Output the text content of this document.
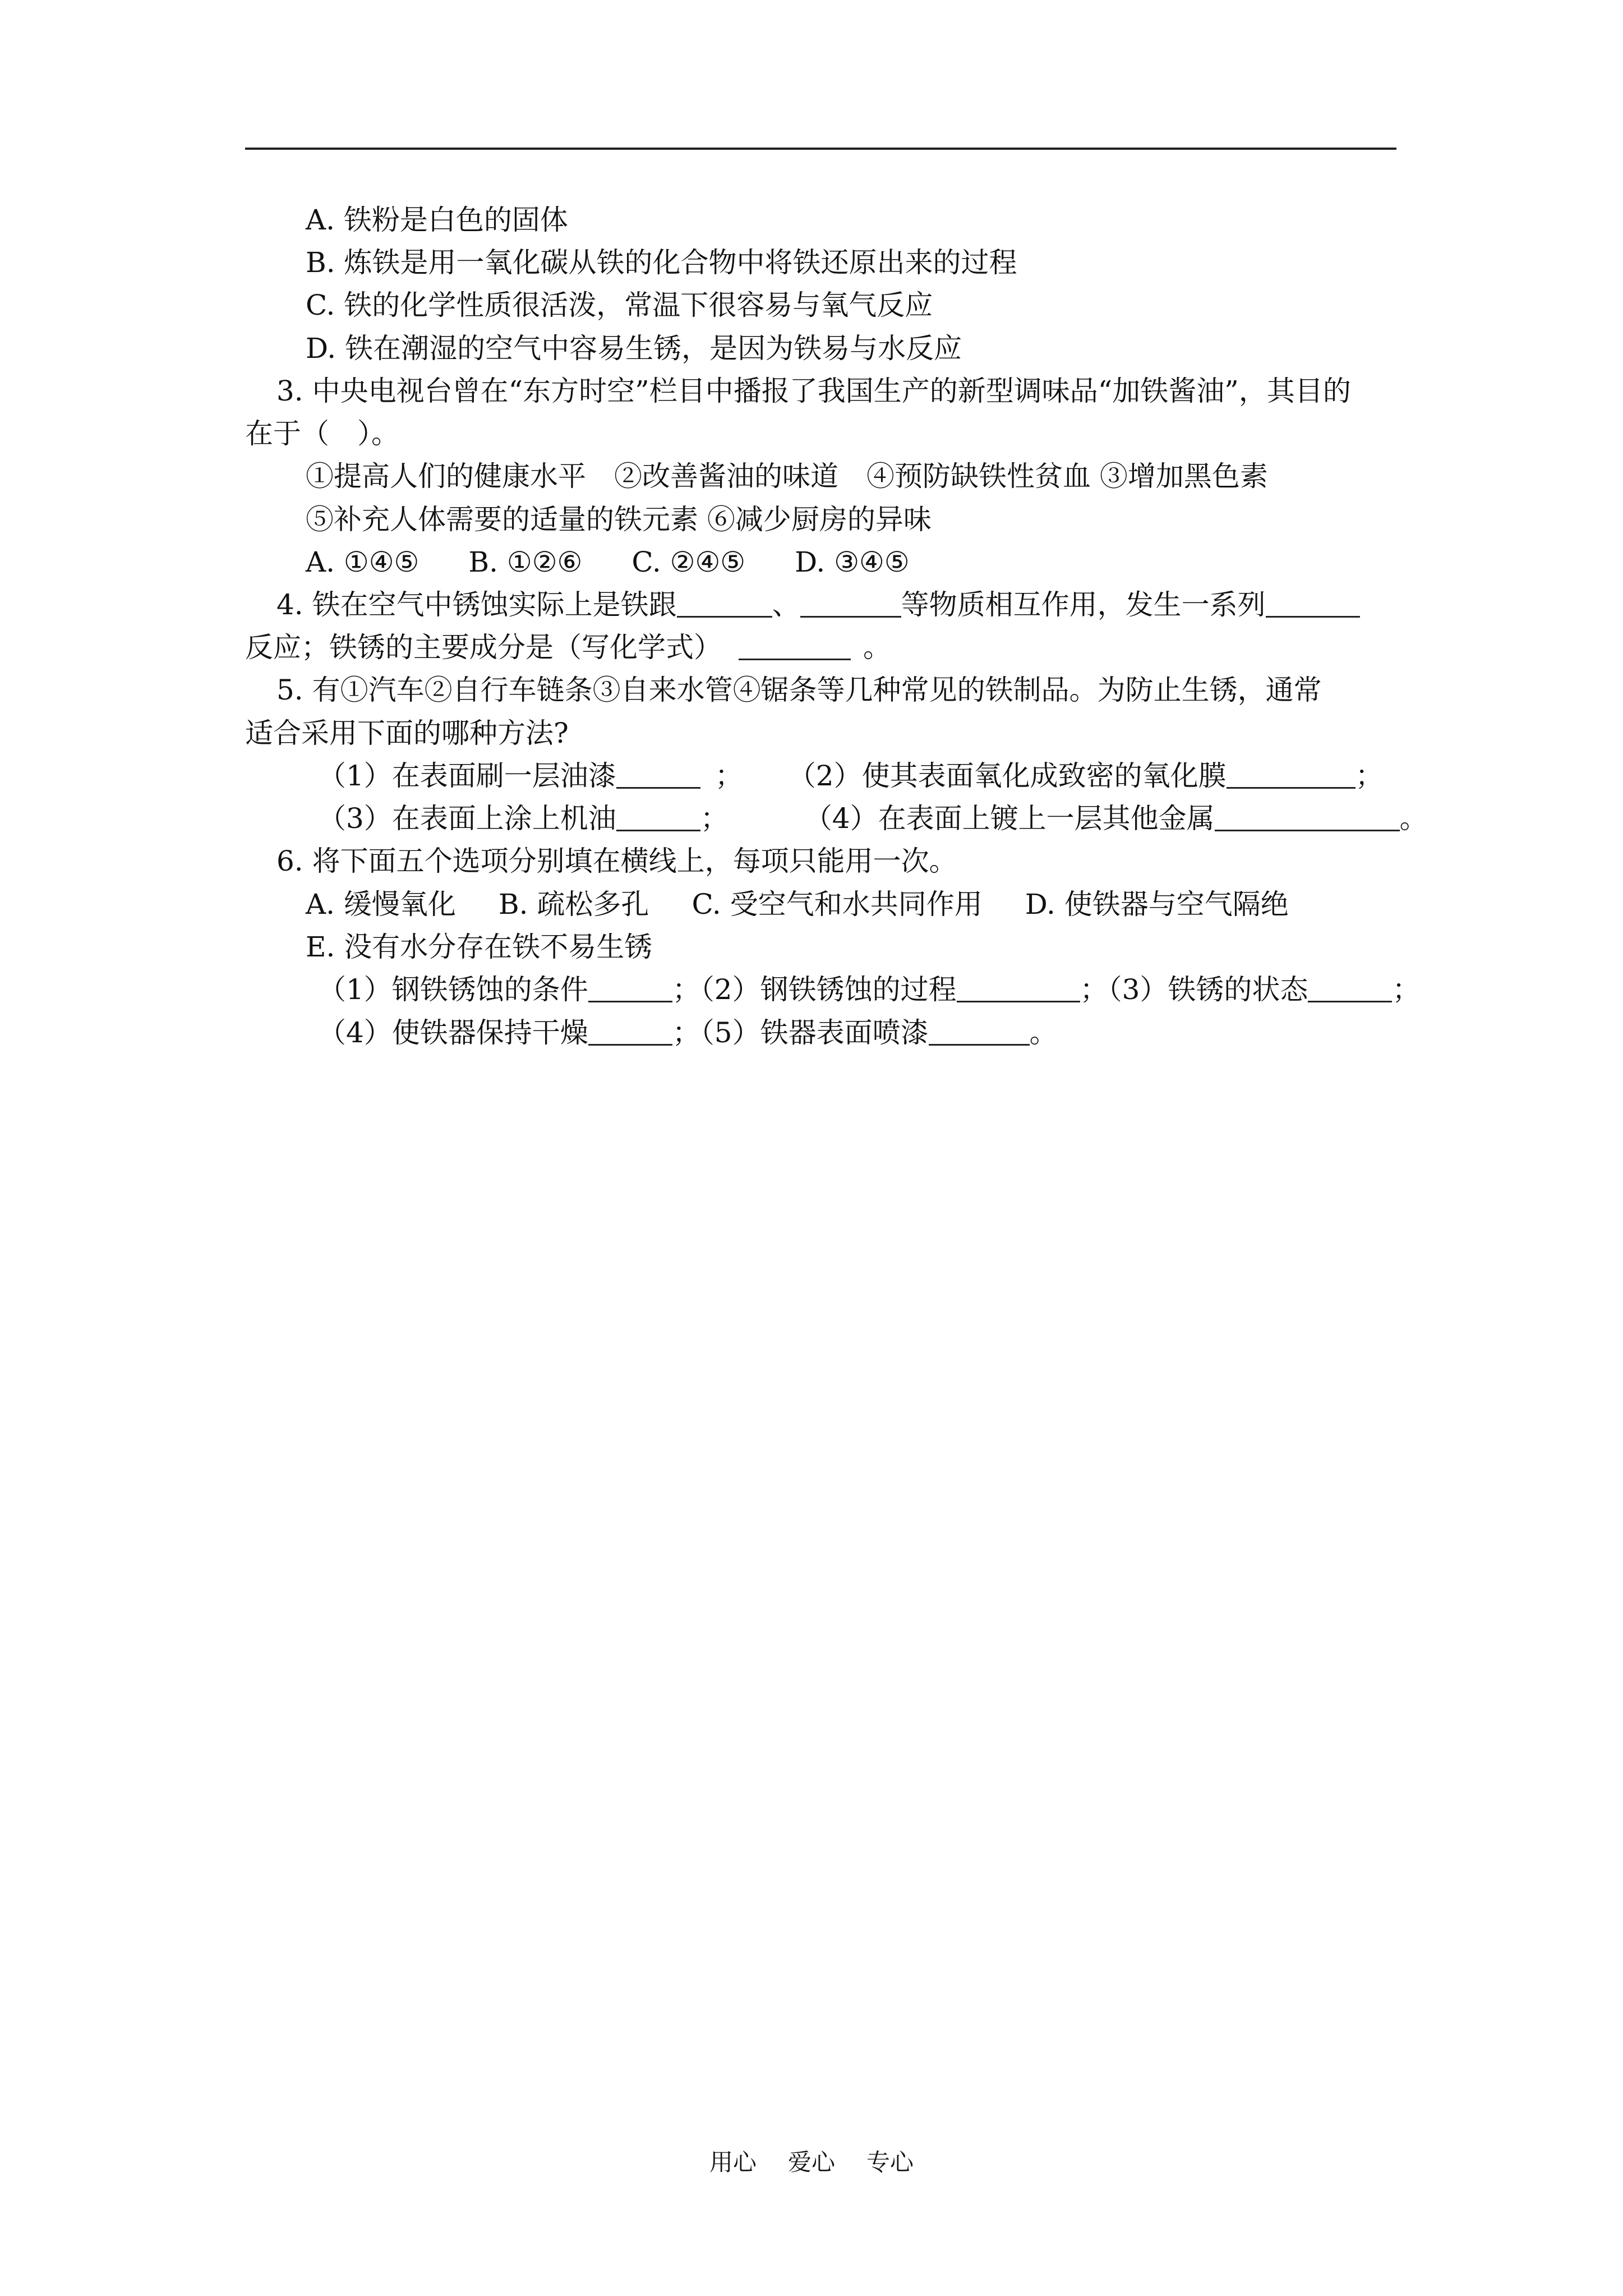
A. 铁粉是白色的固体
B. 炼铁是用一氧化碳从铁的化合物中将铁还原出来的过程
C. 铁的化学性质很活泼，常温下很容易与氧气反应
D. 铁在潮湿的空气中容易生锈，是因为铁易与水反应
3. 中央电视台曾在“东方时空”栏目中播报了我国生产的新型调味品“加铁酱油”，其目的
在于（　）。
①提高人们的健康水平　②改善酱油的味道　④预防缺铁性贫血 ③增加黑色素
⑤补充人体需要的适量的铁元素 ⑥减少厨房的异味
A. ①④⑤ B. ①②⑥ C. ②④⑤ D. ③④⑤
4. 铁在空气中锈蚀实际上是铁跟	、	等物质相互作用，发生一系列
反应；铁锈的主要成分是（写化学式）	。
5. 有①汽车②自行车链条③自来水管④锯条等几种常见的铁制品。为防止生锈，通常
适合采用下面的哪种方法?
（1）在表面刷一层油漆	； （2）使其表面氧化成致密的氧化膜	；
（3）在表面上涂上机油	；	（4）在表面上镀上一层其他金属	。
6. 将下面五个选项分别填在横线上，每项只能用一次。
A. 缓慢氧化 B. 疏松多孔 C. 受空气和水共同作用 D. 使铁器与空气隔绝
E. 没有水分存在铁不易生锈
（1）钢铁锈蚀的条件	；（2）钢铁锈蚀的过程	；（3）铁锈的状态	；
（4）使铁器保持干燥	；（5）铁器表面喷漆	。
用心 爱心 专心
